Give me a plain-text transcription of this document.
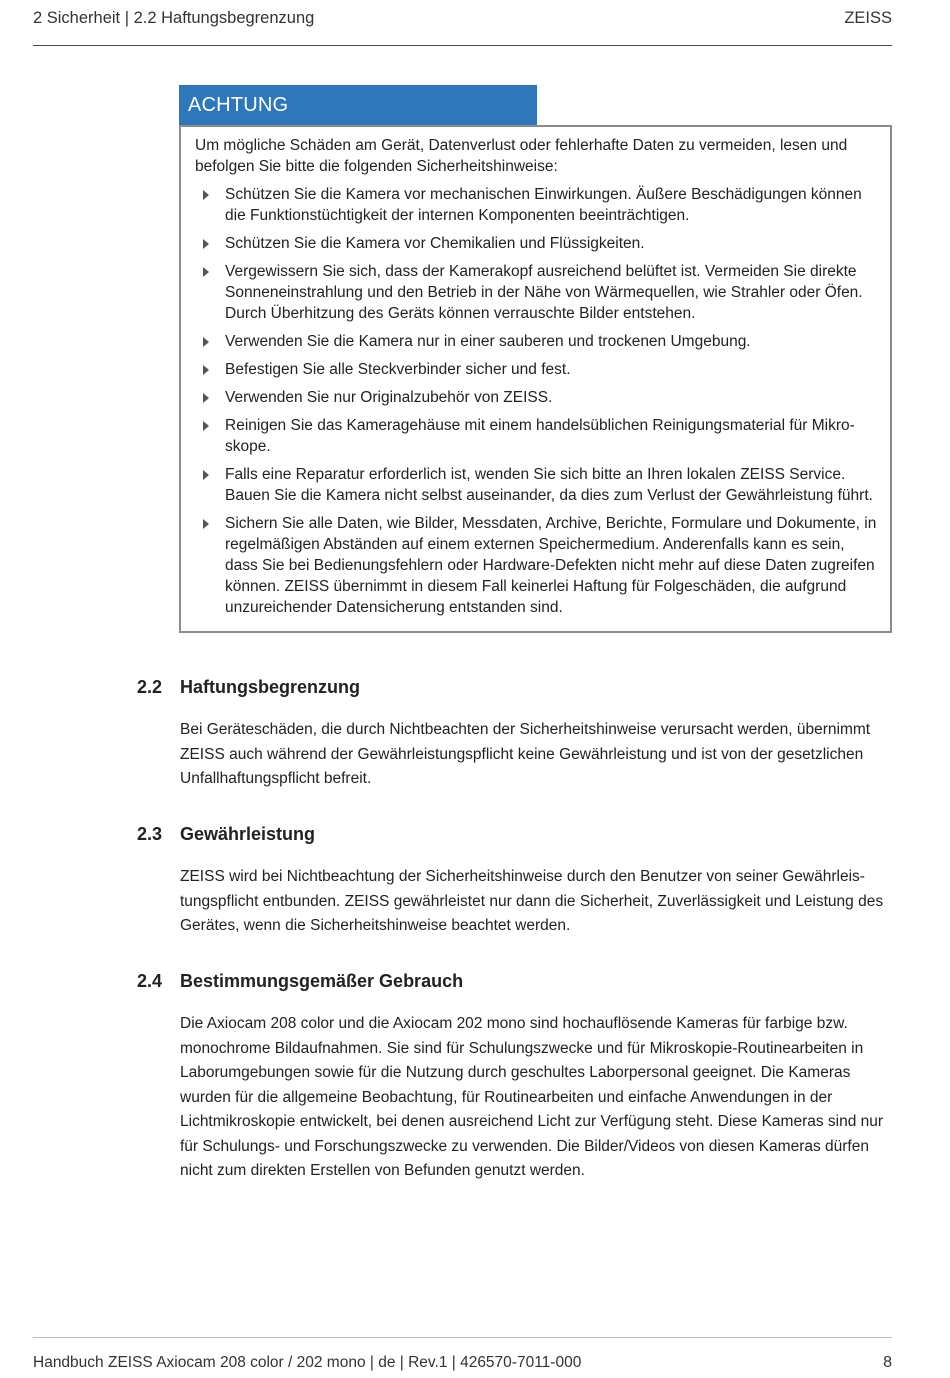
2 Sicherheit | 2.2 Haftungsbegrenzung	ZEISS
ACHTUNG

Um mögliche Schäden am Gerät, Datenverlust oder fehlerhafte Daten zu vermeiden, lesen und befolgen Sie bitte die folgenden Sicherheitshinweise:

Schützen Sie die Kamera vor mechanischen Einwirkungen. Äußere Beschädigungen können die Funktionstüchtigkeit der internen Komponenten beeinträchtigen.
Schützen Sie die Kamera vor Chemikalien und Flüssigkeiten.
Vergewissern Sie sich, dass der Kamerakopf ausreichend belüftet ist. Vermeiden Sie direkte Sonneneinstrahlung und den Betrieb in der Nähe von Wärmequellen, wie Strahler oder Öfen. Durch Überhitzung des Geräts können verrauschte Bilder entstehen.
Verwenden Sie die Kamera nur in einer sauberen und trockenen Umgebung.
Befestigen Sie alle Steckverbinder sicher und fest.
Verwenden Sie nur Originalzubehör von ZEISS.
Reinigen Sie das Kameragehäuse mit einem handelsüblichen Reinigungsmaterial für Mikroskope.
Falls eine Reparatur erforderlich ist, wenden Sie sich bitte an Ihren lokalen ZEISS Service. Bauen Sie die Kamera nicht selbst auseinander, da dies zum Verlust der Gewährleistung führt.
Sichern Sie alle Daten, wie Bilder, Messdaten, Archive, Berichte, Formulare und Dokumente, in regelmäßigen Abständen auf einem externen Speichermedium. Anderenfalls kann es sein, dass Sie bei Bedienungsfehlern oder Hardware-Defekten nicht mehr auf diese Daten zugreifen können. ZEISS übernimmt in diesem Fall keinerlei Haftung für Folgeschäden, die aufgrund unzureichender Datensicherung entstanden sind.
2.2 Haftungsbegrenzung

Bei Geräteschäden, die durch Nichtbeachten der Sicherheitshinweise verursacht werden, übernimmt ZEISS auch während der Gewährleistungspflicht keine Gewährleistung und ist von der gesetzlichen Unfallhaftungspflicht befreit.

2.3 Gewährleistung

ZEISS wird bei Nichtbeachtung der Sicherheitshinweise durch den Benutzer von seiner Gewährleistungspflicht entbunden. ZEISS gewährleistet nur dann die Sicherheit, Zuverlässigkeit und Leistung des Gerätes, wenn die Sicherheitshinweise beachtet werden.

2.4 Bestimmungsgemäßer Gebrauch

Die Axiocam 208 color und die Axiocam 202 mono sind hochauflösende Kameras für farbige bzw. monochrome Bildaufnahmen. Sie sind für Schulungszwecke und für Mikroskopie-Routinearbeiten in Laborumgebungen sowie für die Nutzung durch geschultes Laborpersonal geeignet. Die Kameras wurden für die allgemeine Beobachtung, für Routinearbeiten und einfache Anwendungen in der Lichtmikroskopie entwickelt, bei denen ausreichend Licht zur Verfügung steht. Diese Kameras sind nur für Schulungs- und Forschungszwecke zu verwenden. Die Bilder/Videos von diesen Kameras dürfen nicht zum direkten Erstellen von Befunden genutzt werden.

Handbuch ZEISS Axiocam 208 color / 202 mono | de | Rev.1 | 426570-7011-000	8
